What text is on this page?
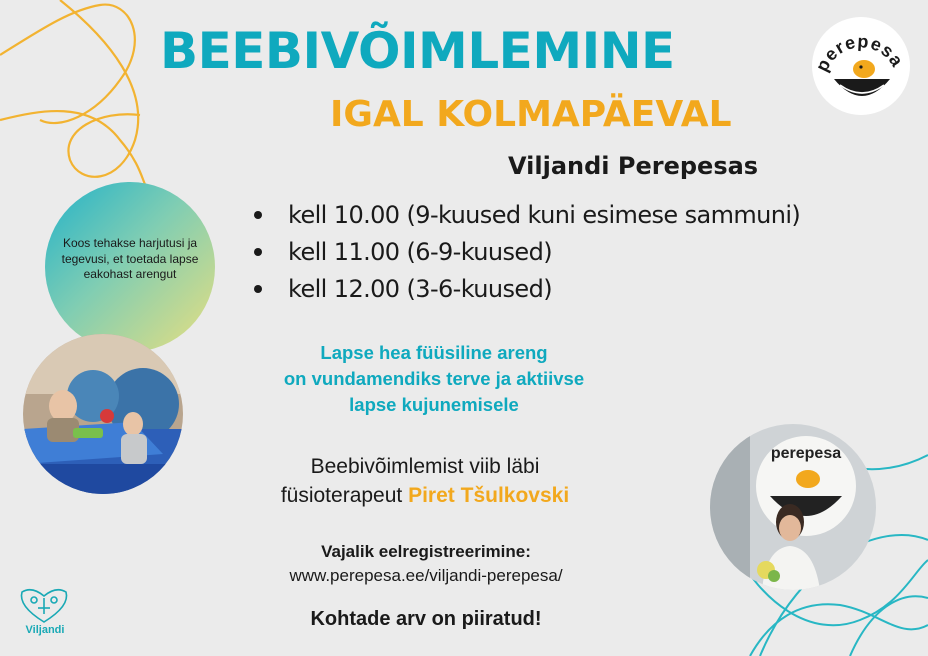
BEEBIVÕIMLEMINE
IGAL KOLMAPÄEVAL
Viljandi Perepesas
kell 10.00 (9-kuused kuni esimese sammuni)
kell 11.00 (6-9-kuused)
kell 12.00 (3-6-kuused)
Koos tehakse harjutusi ja tegevusi, et toetada lapse eakohast arengut
perepesa
perepesa
Lapse hea füüsiline areng
on vundamendiks terve ja aktiivse
lapse kujunemisele
Beebivõimlemist viib läbi
füsioterapeut Piret Tšulkovski
Vajalik eelregistreerimine:
www.perepesa.ee/viljandi-perepesa/
Kohtade arv on piiratud!
Viljandi
